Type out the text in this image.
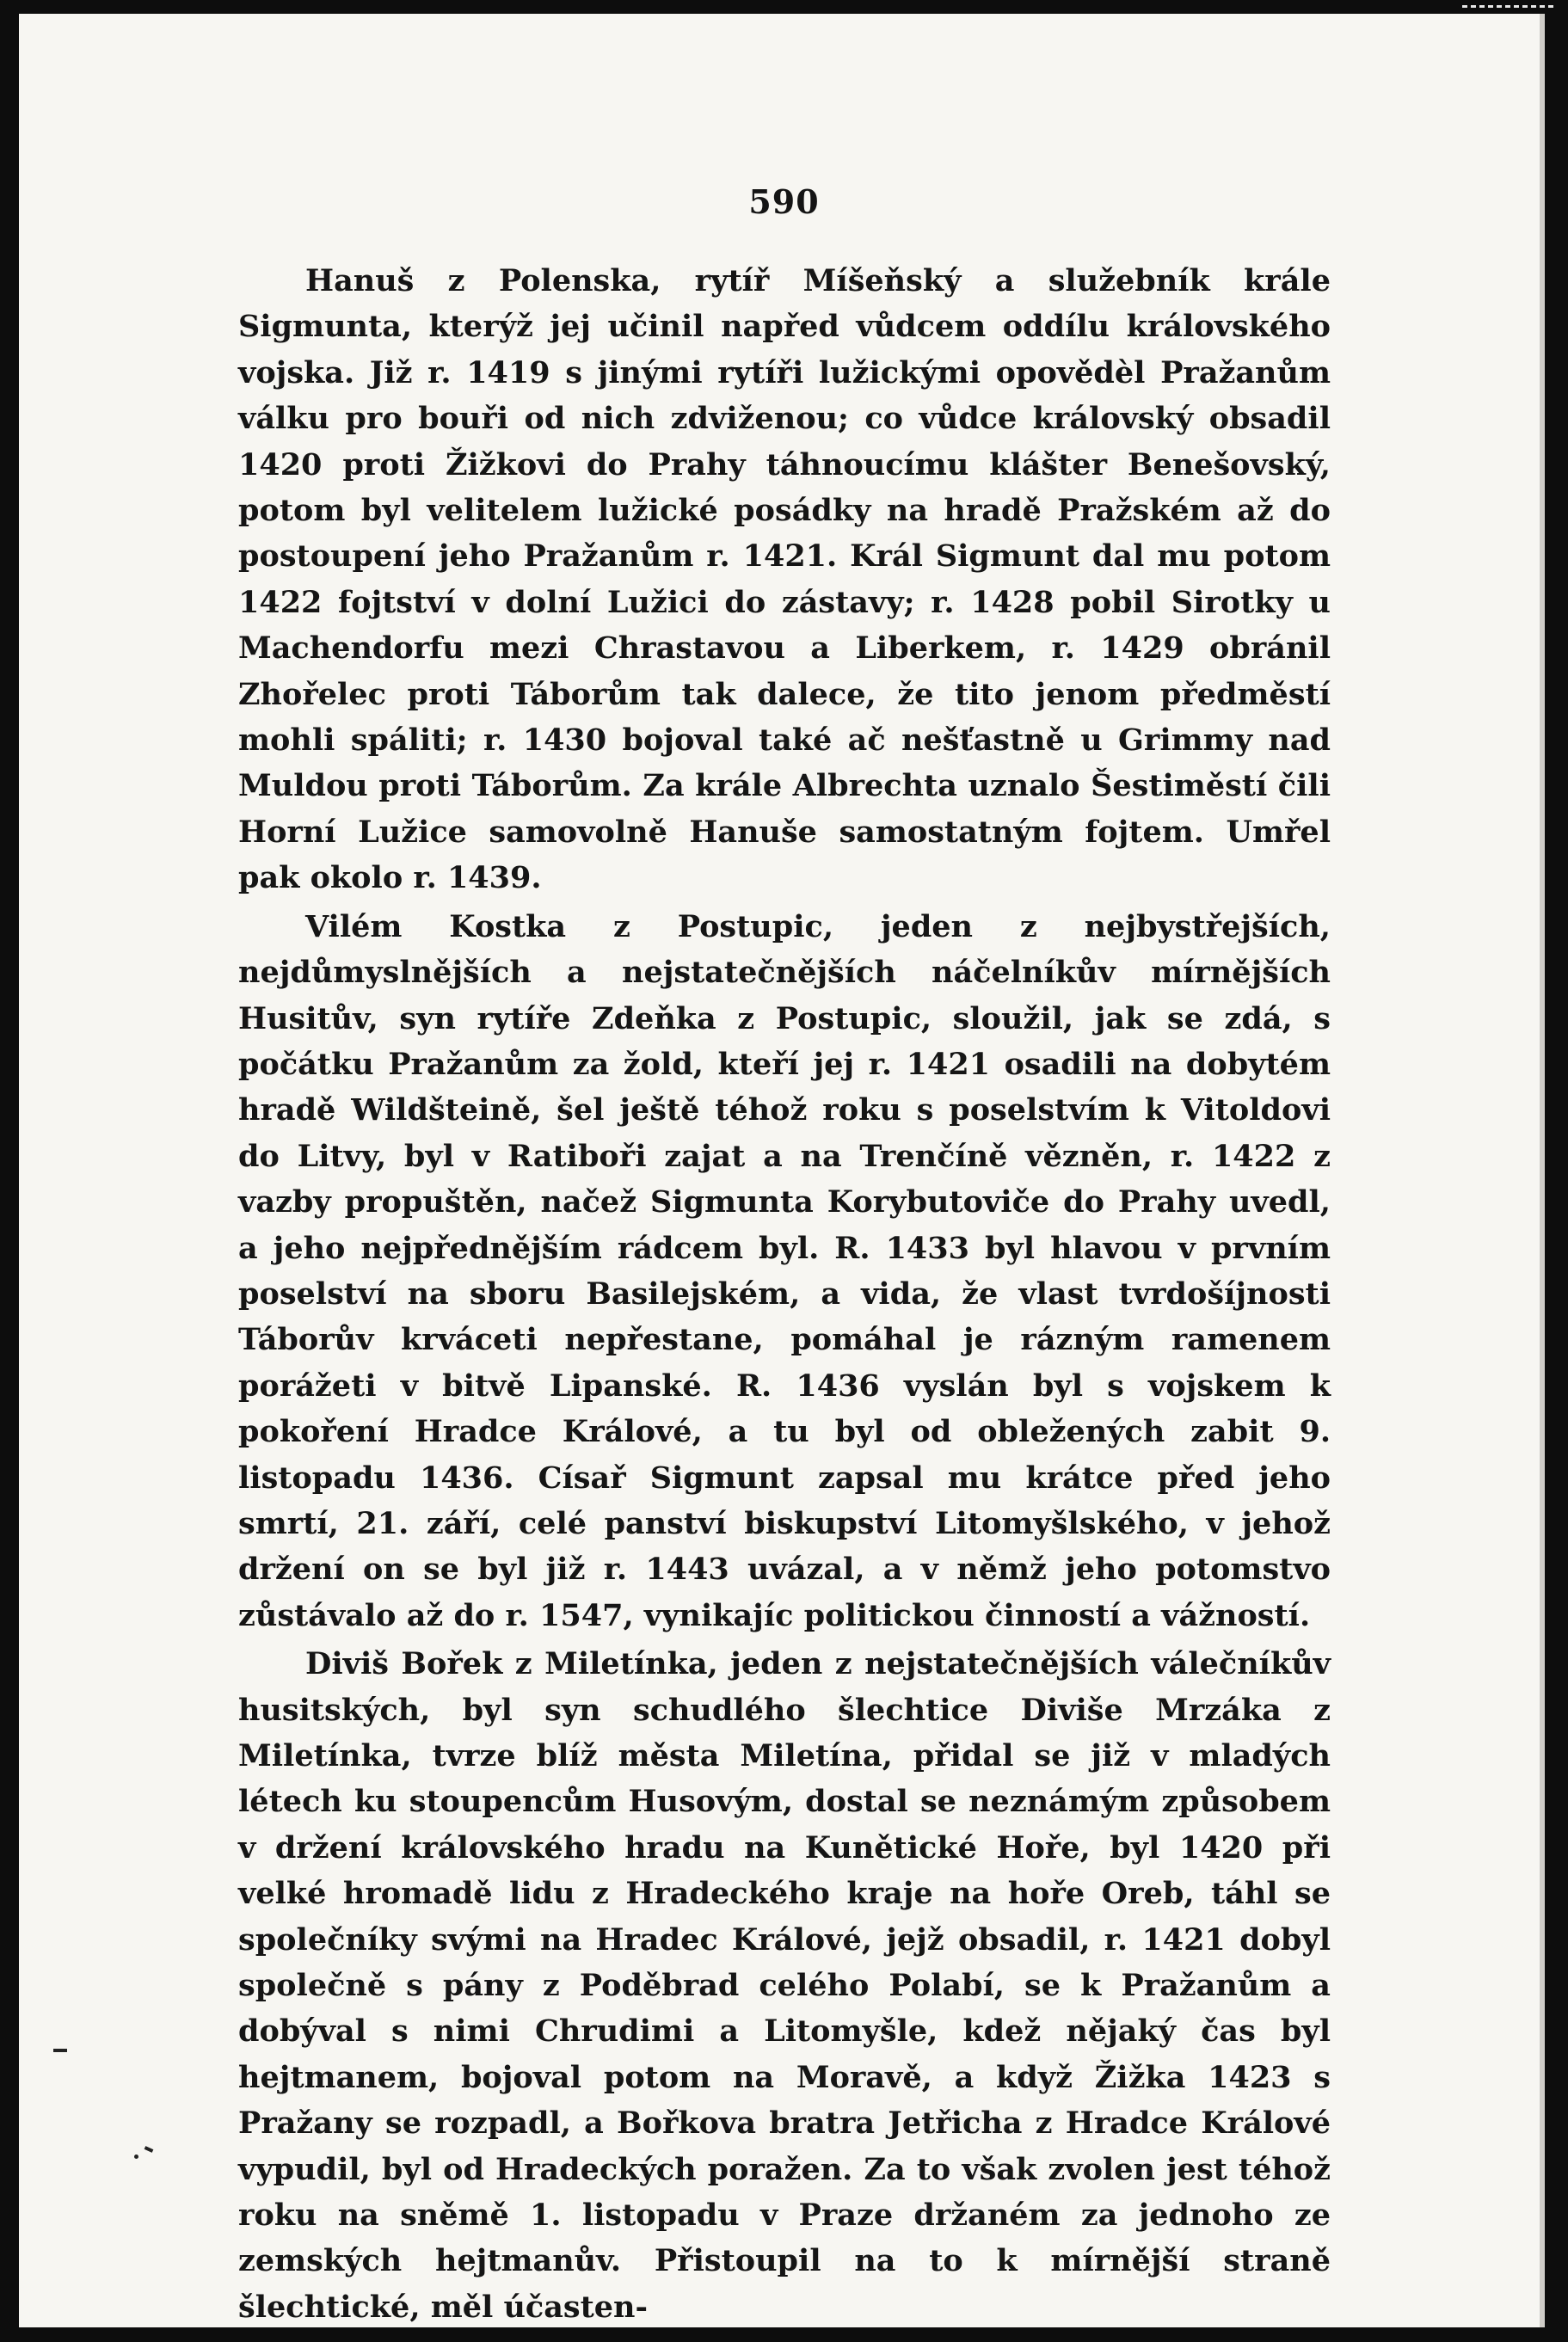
590

Hanuš z Polenska, rytíř Míšeňský a služebník krále Sigmunta, kterýž jej učinil napřed vůdcem oddílu královského vojska. Již r. 1419 s jinými rytíři lužickými opovědèl Pražanům válku pro bouři od nich zdviženou; co vůdce královský obsadil 1420 proti Žižkovi do Prahy táhnoucímu klášter Benešovský, potom byl velitelem lužické posádky na hradě Pražském až do postoupení jeho Pražanům r. 1421. Král Sigmunt dal mu potom 1422 fojtství v dolní Lužici do zástavy; r. 1428 pobil Sirotky u Machendorfu mezi Chrastavou a Liberkem, r. 1429 obránil Zhořelec proti Táborům tak dalece, že tito jenom předměstí mohli spáliti; r. 1430 bojoval také ač nešťastně u Grimmy nad Muldou proti Táborům. Za krále Albrechta uznalo Šestiměstí čili Horní Lužice samovolně Hanuše samostatným fojtem. Umřel pak okolo r. 1439.

Vilém Kostka z Postupic, jeden z nejbystřejších, nejdůmyslnějších a nejstatečnějších náčelníkův mírnějších Husitův, syn rytíře Zdeňka z Postupic, sloužil, jak se zdá, s počátku Pražanům za žold, kteří jej r. 1421 osadili na dobytém hradě Wildšteině, šel ještě téhož roku s poselstvím k Vitoldovi do Litvy, byl v Ratiboři zajat a na Trenčíně vězněn, r. 1422 z vazby propuštěn, načež Sigmunta Korybutoviče do Prahy uvedl, a jeho nejpřednějším rádcem byl. R. 1433 byl hlavou v prvním poselství na sboru Basilejském, a vida, že vlast tvrdošíjnosti Táborův krváceti nepřestane, pomáhal je rázným ramenem porážeti v bitvě Lipanské. R. 1436 vyslán byl s vojskem k pokoření Hradce Králové, a tu byl od obležených zabit 9. listopadu 1436. Císař Sigmunt zapsal mu krátce před jeho smrtí, 21. září, celé panství biskupství Litomyšlského, v jehož držení on se byl již r. 1443 uvázal, a v němž jeho potomstvo zůstávalo až do r. 1547, vynikajíc politickou činností a vážností.

Diviš Bořek z Miletínka, jeden z nejstatečnějších válečníkův husitských, byl syn schudlého šlechtice Diviše Mrzáka z Miletínka, tvrze blíž města Miletína, přidal se již v mladých létech ku stoupencům Husovým, dostal se neznámým způsobem v držení královského hradu na Kunětické Hoře, byl 1420 při velké hromadě lidu z Hradeckého kraje na hoře Oreb, táhl se společníky svými na Hradec Králové, jejž obsadil, r. 1421 dobyl společně s pány z Poděbrad celého Polabí, se k Pražanům a dobýval s nimi Chrudimi a Litomyšle, kdež nějaký čas byl hejtmanem, bojoval potom na Moravě, a když Žižka 1423 s Pražany se rozpadl, a Bořkova bratra Jetřicha z Hradce Králové vypudil, byl od Hradeckých poražen. Za to však zvolen jest téhož roku na sněmě 1. listopadu v Praze držaném za jednoho ze zemských hejtmanův. Přistoupil na to k mírnější straně šlechtické, měl účasten-
